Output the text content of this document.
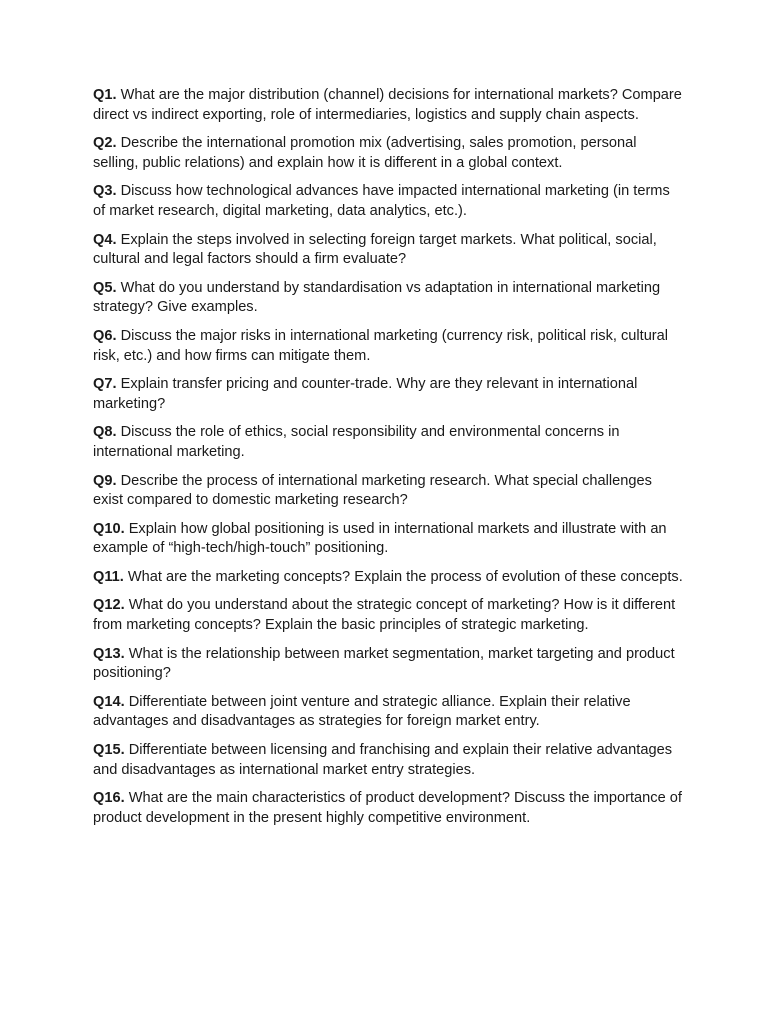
Q1. What are the major distribution (channel) decisions for international markets? Compare direct vs indirect exporting, role of intermediaries, logistics and supply chain aspects.

Q2. Describe the international promotion mix (advertising, sales promotion, personal selling, public relations) and explain how it is different in a global context.

Q3. Discuss how technological advances have impacted international marketing (in terms of market research, digital marketing, data analytics, etc.).

Q4. Explain the steps involved in selecting foreign target markets. What political, social, cultural and legal factors should a firm evaluate?

Q5. What do you understand by standardisation vs adaptation in international marketing strategy? Give examples.

Q6. Discuss the major risks in international marketing (currency risk, political risk, cultural risk, etc.) and how firms can mitigate them.

Q7. Explain transfer pricing and counter-trade. Why are they relevant in international marketing?

Q8. Discuss the role of ethics, social responsibility and environmental concerns in international marketing.

Q9. Describe the process of international marketing research. What special challenges exist compared to domestic marketing research?

Q10. Explain how global positioning is used in international markets and illustrate with an example of “high-tech/high-touch” positioning.

Q11. What are the marketing concepts? Explain the process of evolution of these concepts.

Q12. What do you understand about the strategic concept of marketing? How is it different from marketing concepts? Explain the basic principles of strategic marketing.

Q13. What is the relationship between market segmentation, market targeting and product positioning?

Q14. Differentiate between joint venture and strategic alliance. Explain their relative advantages and disadvantages as strategies for foreign market entry.

Q15. Differentiate between licensing and franchising and explain their relative advantages and disadvantages as international market entry strategies.

Q16. What are the main characteristics of product development? Discuss the importance of product development in the present highly competitive environment.
